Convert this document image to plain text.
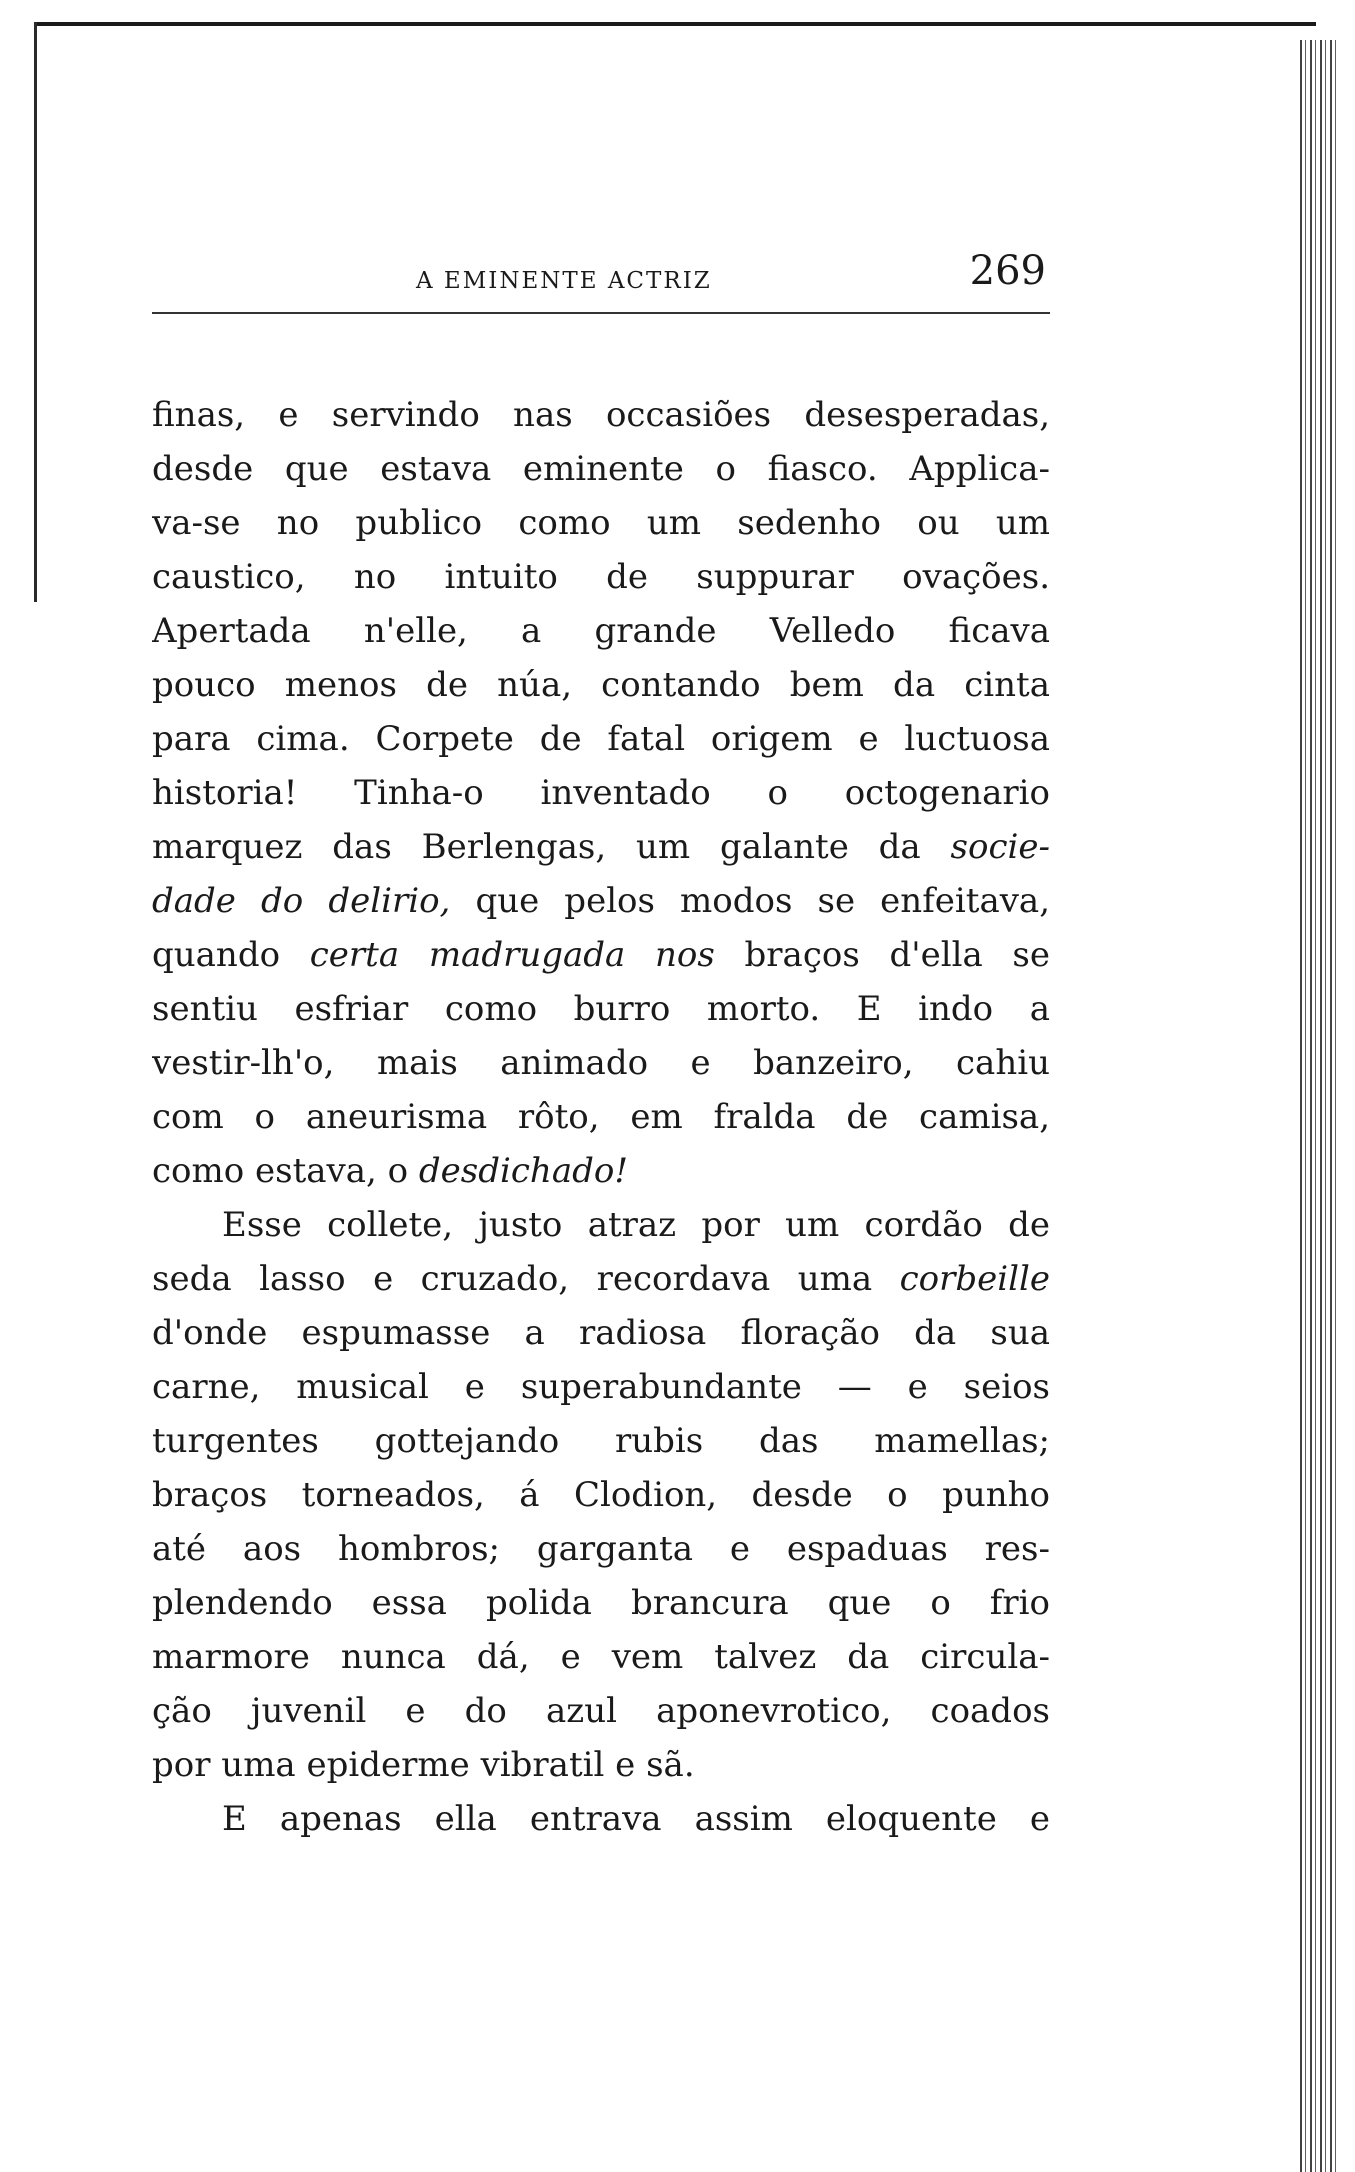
A EMINENTE ACTRIZ	269
finas, e servindo nas occasiões desesperadas,
desde que estava eminente o fiasco. Applica-
va-se no publico como um sedenho ou um
caustico, no intuito de suppurar ovações.
Apertada n'elle, a grande Velledo ficava
pouco menos de núa, contando bem da cinta
para cima. Corpete de fatal origem e luctuosa
historia! Tinha-o inventado o octogenario
marquez das Berlengas, um galante da socie-
dade do delirio, que pelos modos se enfeitava,
quando certa madrugada nos braços d'ella se
sentiu esfriar como burro morto. E indo a
vestir-lh'o, mais animado e banzeiro, cahiu
com o aneurisma rôto, em fralda de camisa,
como estava, o desdichado!
Esse collete, justo atraz por um cordão de
seda lasso e cruzado, recordava uma corbeille
d'onde espumasse a radiosa floração da sua
carne, musical e superabundante — e seios
turgentes gottejando rubis das mamellas;
braços torneados, á Clodion, desde o punho
até aos hombros; garganta e espaduas res-
plendendo essa polida brancura que o frio
marmore nunca dá, e vem talvez da circula-
ção juvenil e do azul aponevrotico, coados
por uma epiderme vibratil e sã.
E apenas ella entrava assim eloquente e
